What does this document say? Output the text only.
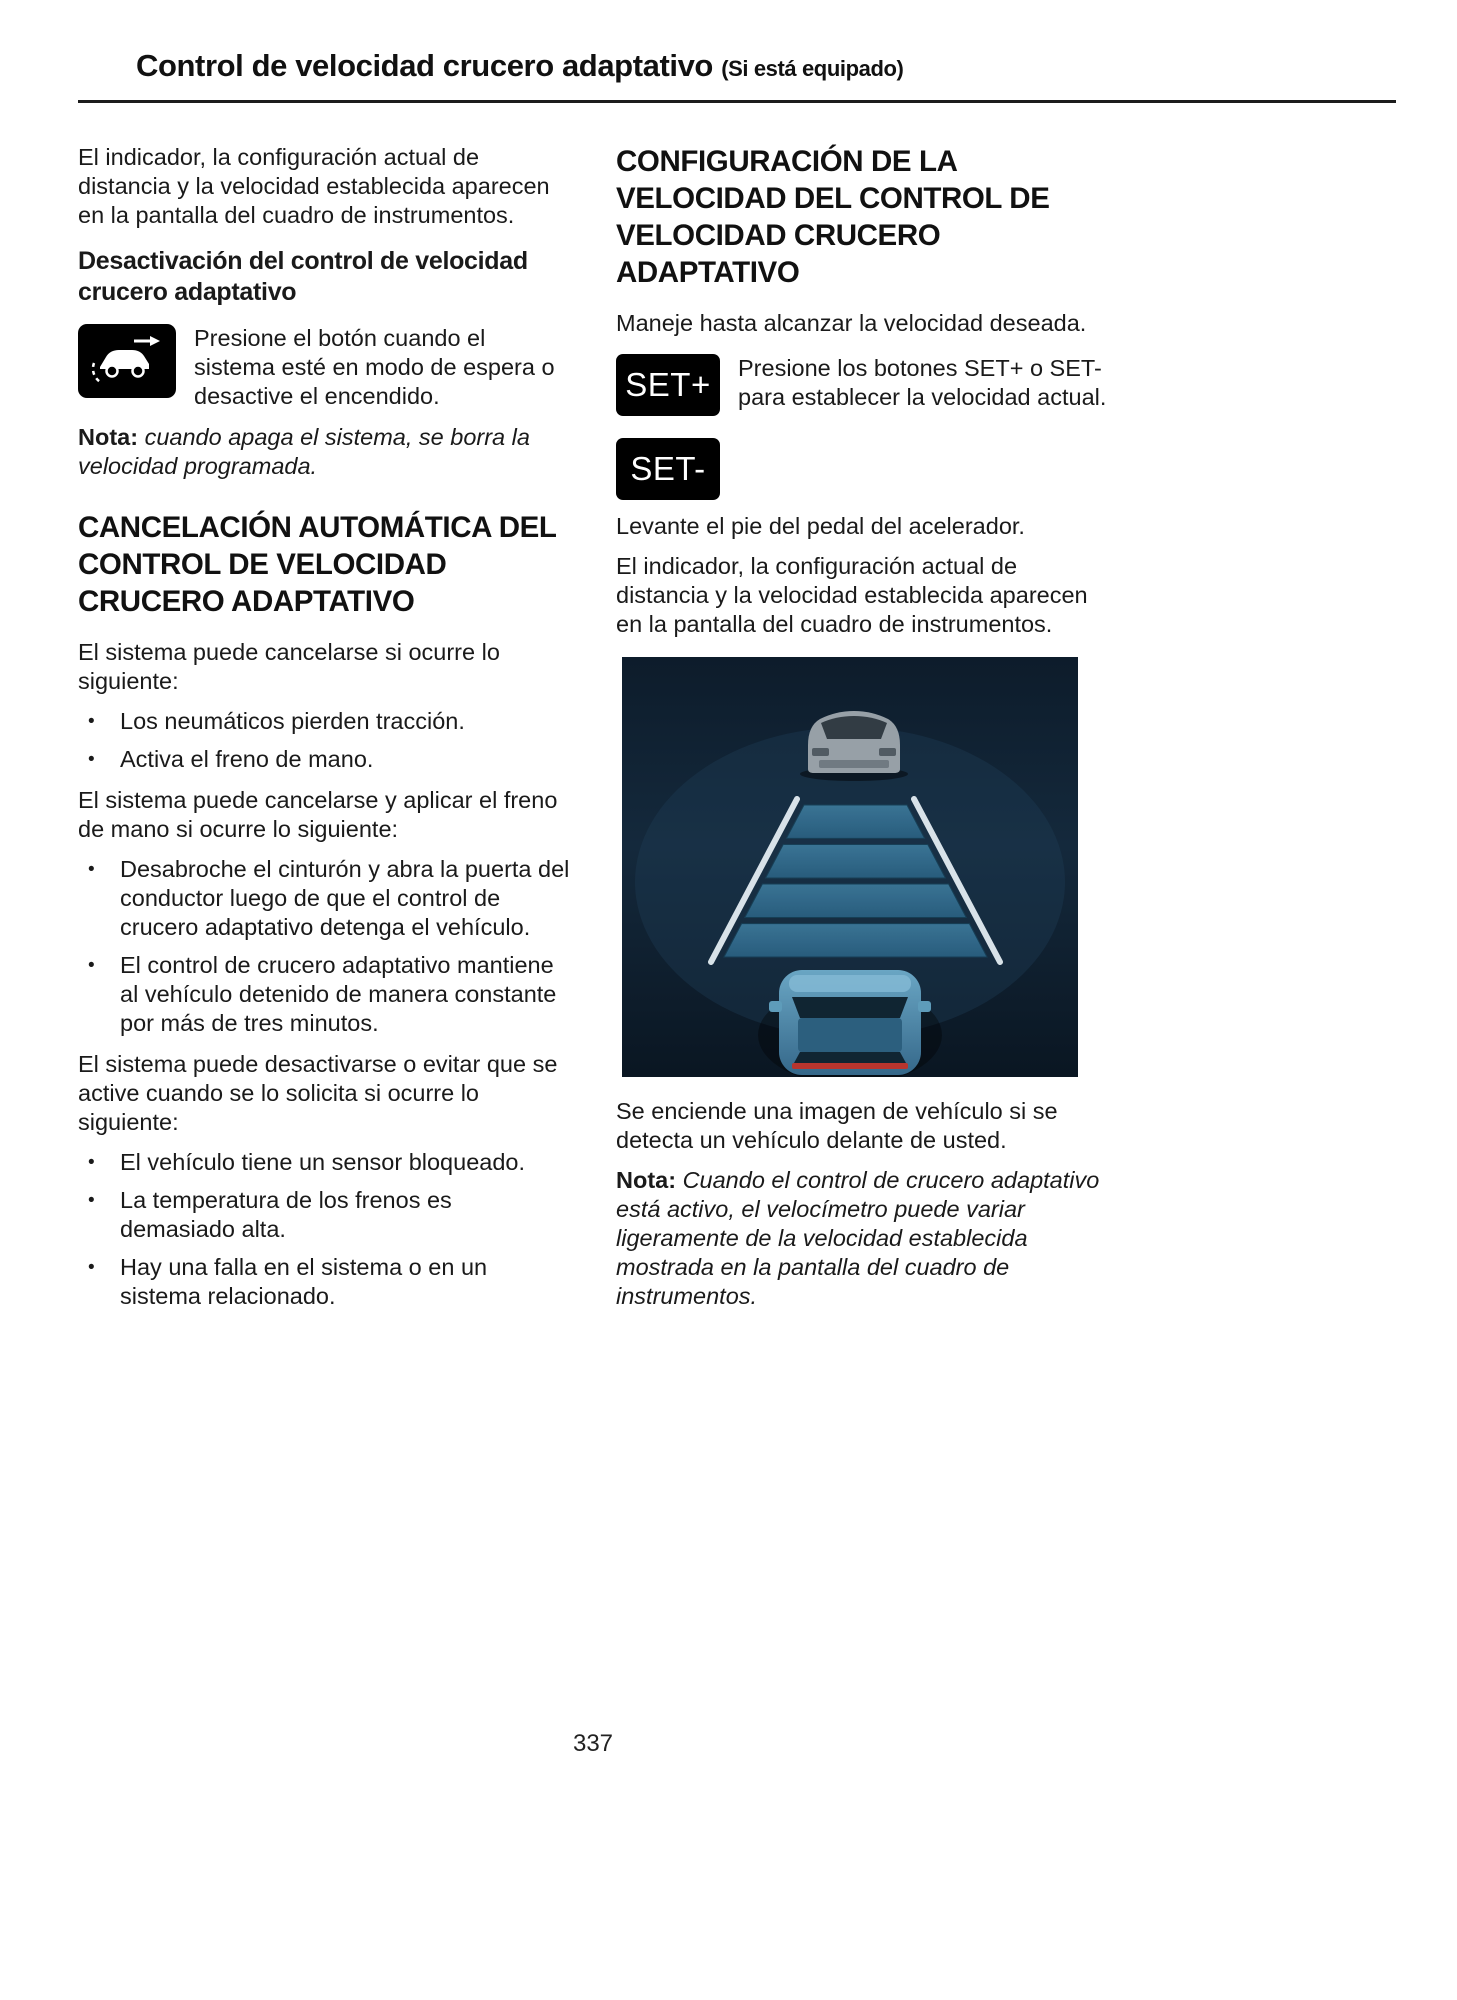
Control de velocidad crucero adaptativo (Si está equipado)

El indicador, la configuración actual de distancia y la velocidad establecida aparecen en la pantalla del cuadro de instrumentos.

Desactivación del control de velocidad crucero adaptativo

Presione el botón cuando el sistema esté en modo de espera o desactive el encendido.

Nota: cuando apaga el sistema, se borra la velocidad programada.

CANCELACIÓN AUTOMÁTICA DEL CONTROL DE VELOCIDAD CRUCERO ADAPTATIVO

El sistema puede cancelarse si ocurre lo siguiente:

•	Los neumáticos pierden tracción.
•	Activa el freno de mano.

El sistema puede cancelarse y aplicar el freno de mano si ocurre lo siguiente:

•	Desabroche el cinturón y abra la puerta del conductor luego de que el control de crucero adaptativo detenga el vehículo.
•	El control de crucero adaptativo mantiene al vehículo detenido de manera constante por más de tres minutos.

El sistema puede desactivarse o evitar que se active cuando se lo solicita si ocurre lo siguiente:

•	El vehículo tiene un sensor bloqueado.
•	La temperatura de los frenos es demasiado alta.
•	Hay una falla en el sistema o en un sistema relacionado.
CONFIGURACIÓN DE LA VELOCIDAD DEL CONTROL DE VELOCIDAD CRUCERO ADAPTATIVO

Maneje hasta alcanzar la velocidad deseada.

SET+
SET-

Presione los botones SET+ o SET- para establecer la velocidad actual.

Levante el pie del pedal del acelerador.

El indicador, la configuración actual de distancia y la velocidad establecida aparecen en la pantalla del cuadro de instrumentos.

Se enciende una imagen de vehículo si se detecta un vehículo delante de usted.

Nota: Cuando el control de crucero adaptativo está activo, el velocímetro puede variar ligeramente de la velocidad establecida mostrada en la pantalla del cuadro de instrumentos.

337
